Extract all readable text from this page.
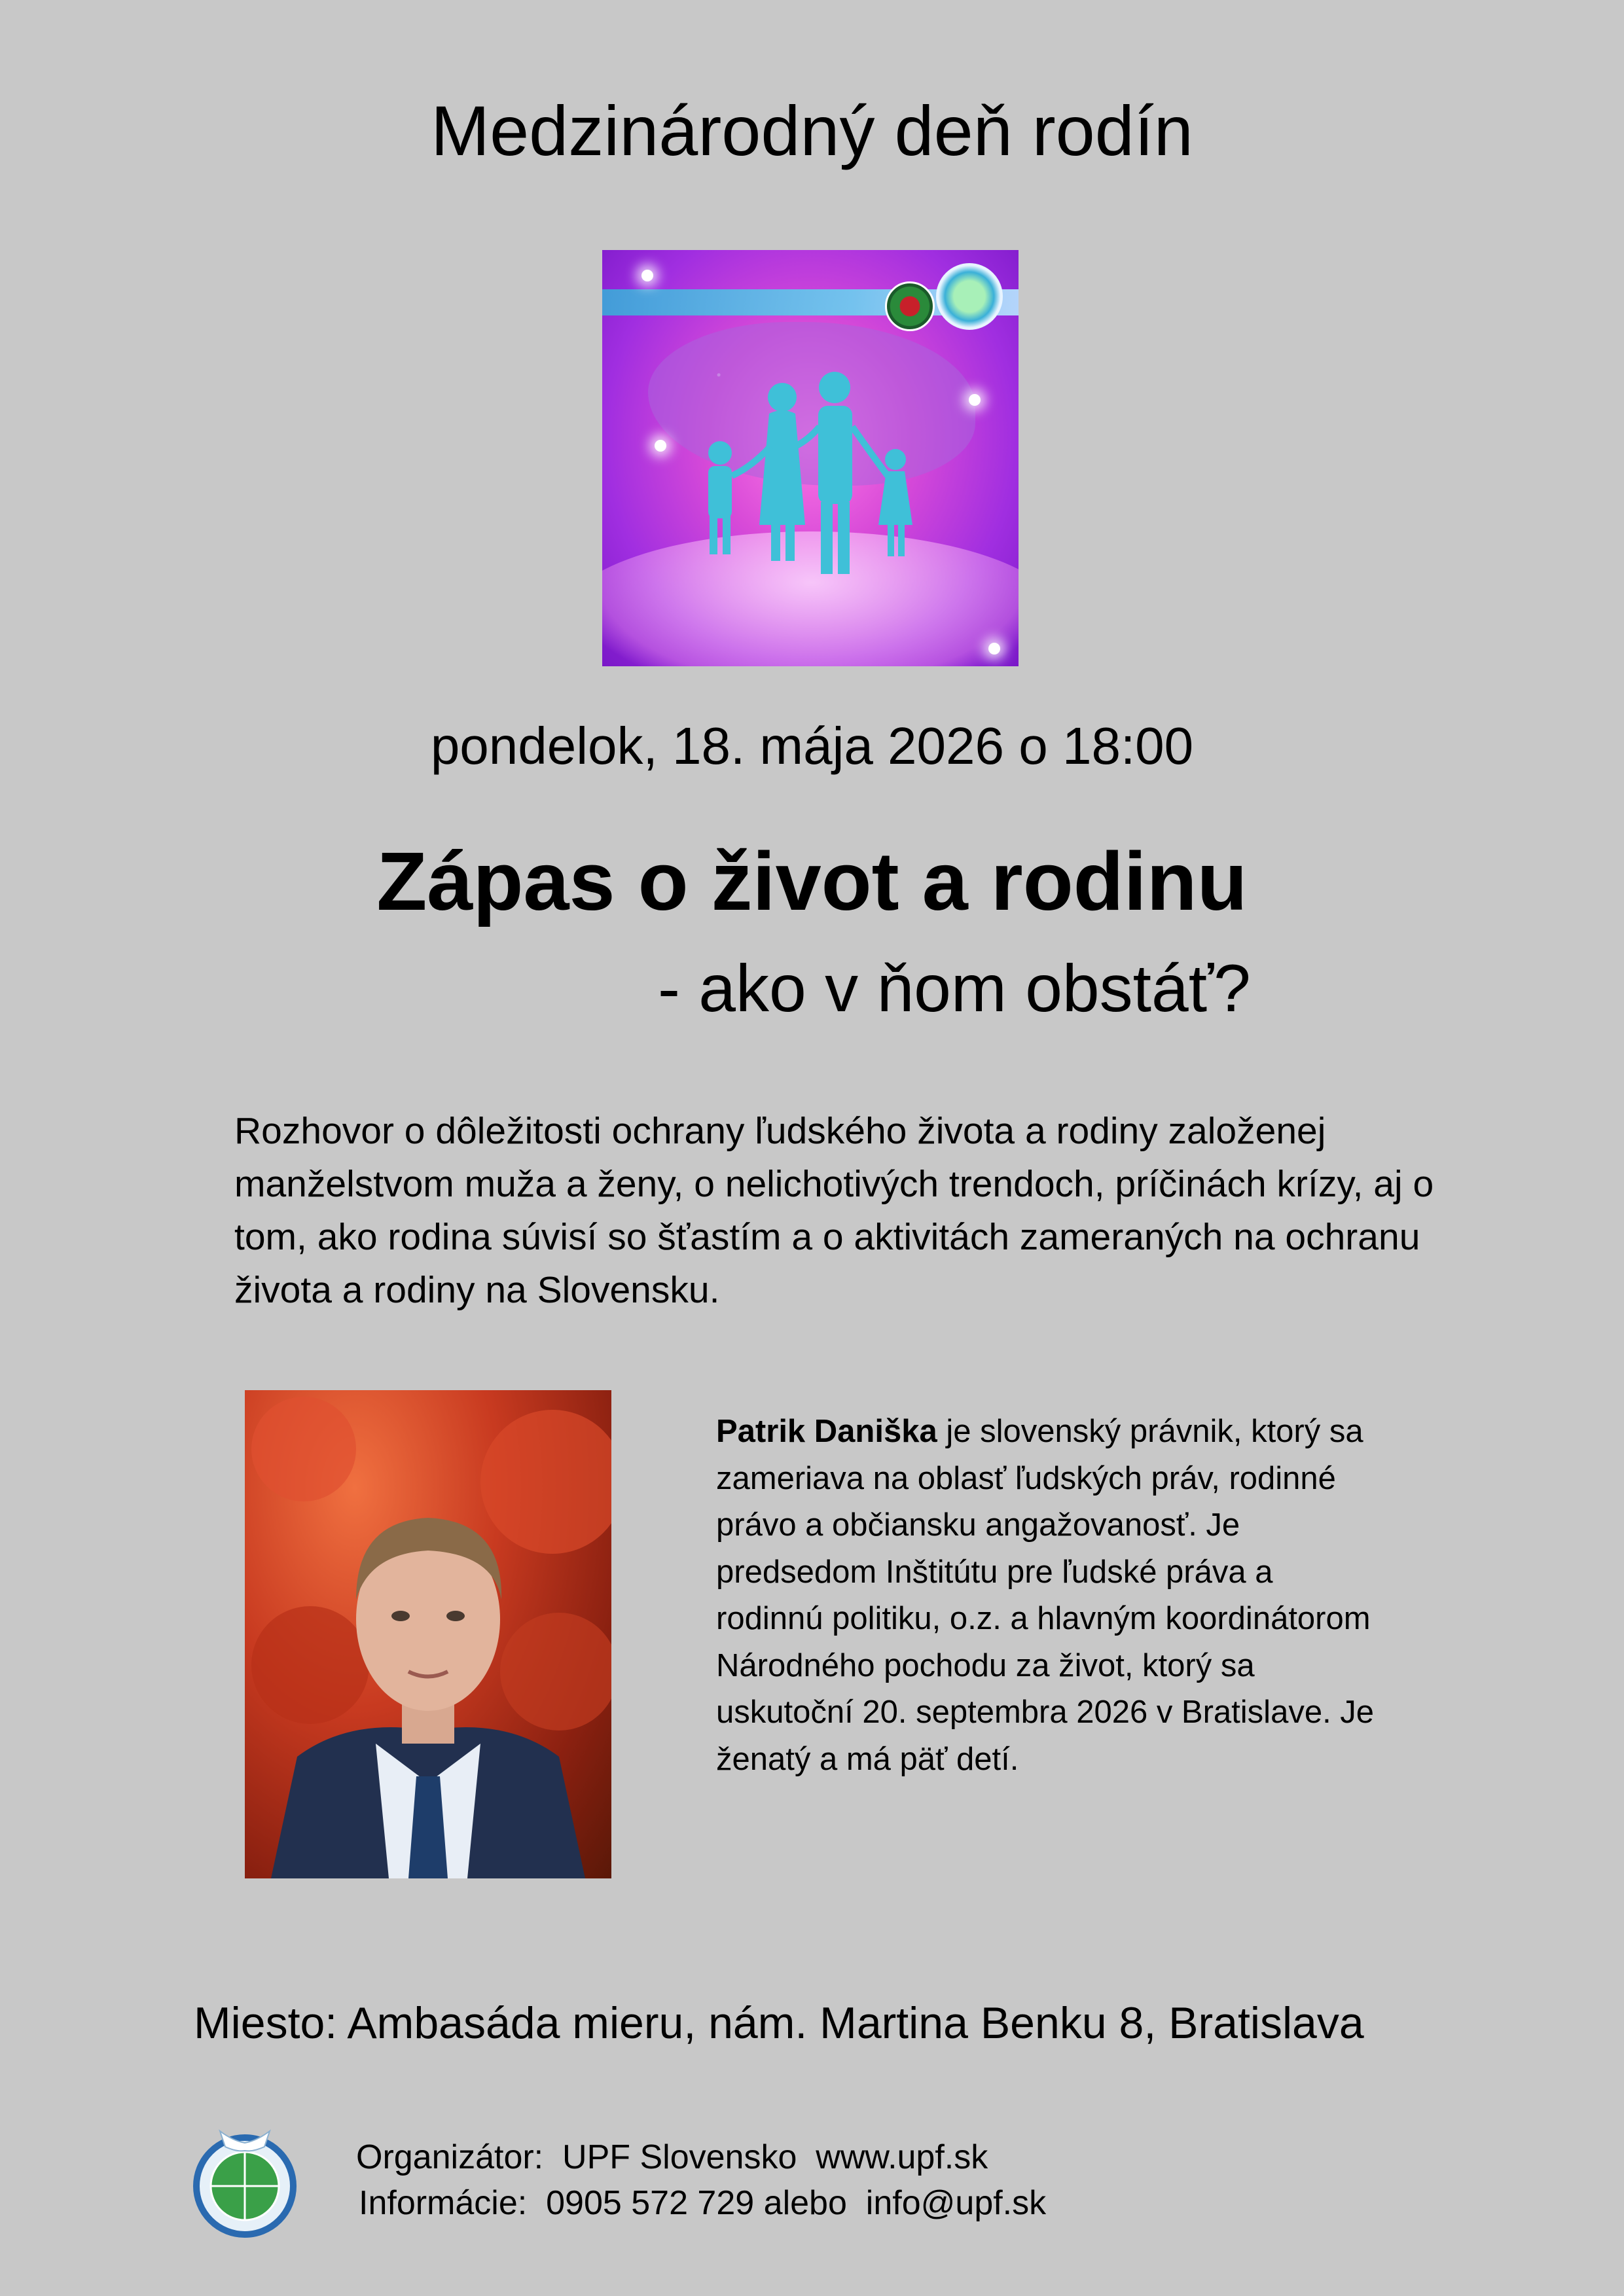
Medzinárodný deň rodín
pondelok, 18. mája 2026 o 18:00
Zápas o život a rodinu
- ako v ňom obstáť?
Rozhovor o dôležitosti ochrany ľudského života a rodiny založenej manželstvom muža a ženy, o nelichotivých trendoch, príčinách krízy, aj o tom, ako rodina súvisí so šťastím a o aktivitách zameraných na ochranu života a rodiny na Slovensku.
Patrik Daniška je slovenský právnik, ktorý sa zameriava na oblasť ľudských práv, rodinné právo a občiansku angažovanosť. Je predsedom Inštitútu pre ľudské práva a rodinnú politiku, o.z. a hlavným koordinátorom Národného pochodu za život, ktorý sa uskutoční 20. septembra 2026 v Bratislave. Je ženatý a má päť detí.
Miesto: Ambasáda mieru, nám. Martina Benku 8, Bratislava
Organizátor:  UPF Slovensko  www.upf.sk
Informácie:  0905 572 729 alebo  info@upf.sk
